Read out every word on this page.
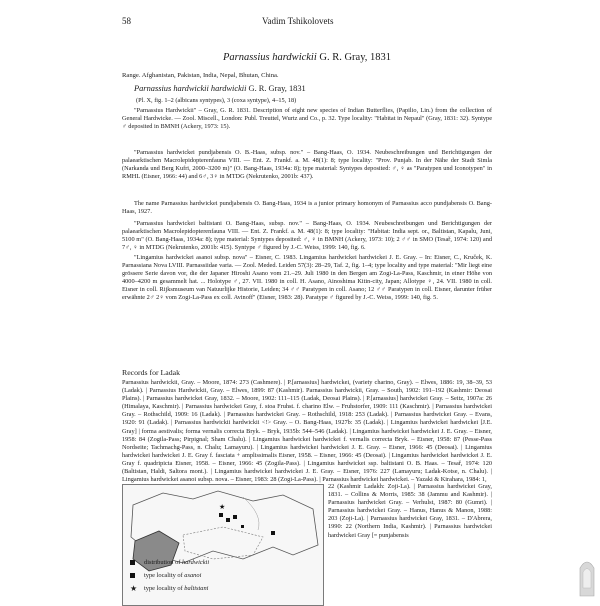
58	Vadim Tshikolovets
Parnassius hardwickii G. R. Gray, 1831

Range. Afghanistan, Pakistan, India, Nepal, Bhutan, China.

Parnassius hardwickii hardwickii G. R. Gray, 1831

(Pl. X, fig. 1–2 (albicans syntypes), 3 (coxa syntype), 4–15, 18)

"Parnassius Hardwickii" – Gray, G. R. 1831. Description of eight new species of Indian Butterflies, (Papilio, Lin.) from the collection of General Hardwicke. — Zool. Miscell., London: Publ. Treuttel, Wurtz and Co., p. 32. Type locality: "Habitat in Nepaul" (Gray, 1831: 32). Syntype ♂ deposited in BMNH (Ackery, 1973: 15).

"Parnassius hardwickei pundjabensis O. B.-Haas, subsp. nov." – Bang-Haas, O. 1934. Neubeschreibungen und Berichtigungen der palaearktischen Macrolepidopterenfauna VIII. — Ent. Z. Frankf. a. M. 48(1): 8; type locality: "Prov. Punjab. In der Nähe der Stadt Simla (Narkanda und Berg Kufri, 2000–3200 m)" (O. Bang-Haas, 1934a: 8); type material: Syntypes deposited: ♂, ♀ as "Paratypen und Iconotypen" in RMHL (Eisner, 1966: 44) and 6♂, 3♀ in MTDG (Nekrutenko, 2001b: 437).

The name Parnassius hardwickei pundjabensis O. Bang-Haas, 1934 is a junior primary homonym of Parnassius acco pundjabensis O. Bang-Haas, 1927.

"Parnassius hardwickei baltistani O. Bang-Haas, subsp. nov." – Bang-Haas, O. 1934. Neubeschreibungen und Berichtigungen der palaearktischen Macrolepidopterenfauna VIII. — Ent. Z. Frankf. a. M. 48(1): 8; type locality: "Habitat: India sept. or., Baltistan, Kapalu, Juni, 5100 m" (O. Bang-Haas, 1934a: 8); type material: Syntypes deposited: ♂, ♀ in BMNH (Ackery, 1973: 10); 2 ♂♂ in SMO (Tesař, 1974: 120) and 7♂, ♀ in MTDG (Nekrutenko, 2001b: 415). Syntype ♂ figured by J.-C. Weiss, 1999: 140, fig. 6.

"Lingamius hardwickei asanoi subsp. nova" – Eisner, C. 1983. Lingamius hardwickei hardwickei J. E. Gray. – In: Eisner, C., Kruček, K. Parnassiana Nova LVIII. Parnassiidae varia. — Zool. Meded. Leiden 57(3): 28–29, Taf. 2, fig. 1–4; type locality and type material: "Mir liegt eine grössere Serie davon vor, die der Japaner Hiroshi Asano vom 21.–29. Juli 1980 in den Bergen am Zogi-La-Pass, Kaschmir, in einer Höhe von 4000–4200 m gesammelt hat. ... Holotype ♂, 27. VII. 1980 in coll. H. Asano, Ainoshima Kitin-city, Japan; Allotype ♀, 24. VII. 1980 in coll. Eisner in coll. Rijksmuseum van Natuurlijke Historie, Leiden; 34 ♂♂ Paratypen in coll. Asano; 12 ♂♂ Paratypen in coll. Eisner, darunter früher erwähnte 2♂ 2♀ vom Zogi-La-Pass ex coll. Avinoff" (Eisner, 1983: 28). Paratype ♂ figured by J.-C. Weiss, 1999: 140, fig. 5.

Records for Ladak

Parnassius hardwickii, Gray. – Moore, 1874: 273 (Cashmere). | P.[arnassius] hardwickei, (variety charino, Gray). – Elwes, 1886: 19, 38–39, 53 (Ladak). | Parnassius Hardwickii, Gray. – Elwes, 1899: 87 (Kashmir). Parnassius hardwickii, Gray. – South, 1902: 191–192 (Kashmir: Deosai Plains). | Parnassius hardwickei Gray, 1832. – Moore, 1902: 111–115 (Ladak, Deosai Plains). | P.[arnassius] hardwickei Gray. – Seitz, 1907a: 26 (Himalaya, Kaschmir). | Parnassius hardwickei Gray, f. stoa Fruhst. f. charino Elw. – Fruhstorfer, 1909: 111 (Kaschmir). | Parnassius hardwickei Gray. – Rothschild, 1909: 16 (Ladak). | Parnassius hardwickei Gray. – Rothschild, 1918: 253 (Ladak). | Parnassius hardwickei Gray. – Evans, 1920: 91 (Ladak). | Parnassius hardwickii hardwickii <!> Gray. – O. Bang-Haas, 1927b: 35 (Ladak). | Lingamius hardwickei hardwickei [J.E. Gray] | forma aestivalis; forma vernalis correcta Bryk. – Bryk, 1935b: 544–546 (Ladak). | Lingamius hardwickei hardwickei J. E. Gray. – Eisner, 1958: 84 (Zogila-Pass; Pirpignal; Sham Chalu). | Lingamius hardwickei hardwickei f. vernalis correcta Bryk. – Eisner, 1958: 87 (Pesse-Pass Nordseite; Tachmachg-Pass, n. Chalu; Lamayuru). | Lingamius hardwickei hardwickei J. E. Gray. – Eisner, 1966: 45 (Deosai). | Lingamius hardwickei hardwickei J. E. Gray f. fasciata + amplissimalis Eisner, 1958. – Eisner, 1966: 45 (Deosai). | Lingamius hardwickei hardwickei J. E. Gray f. quadripicta Eisner, 1958. – Eisner, 1966: 45 (Zogila-Pass). | Lingamius hardwickei ssp. baltistani O. B. Haas. – Tesař, 1974: 120 (Baltistan, Haldi, Saltora mont.). | Lingamius hardwickei hardwickei J. E. Gray. – Eisner, 1976: 227 (Lamayuru; Ladak-Kotse, n. Chalu). | Lingamius hardwickei asanoi subsp. nova. – Eisner, 1983: 28 (Zogi-La-Pass). | Parnassius hardwickei hardwickei. – Yazaki & Kirahara, 1984: 1,

★

22 (Kashmir Ladakh: Zoji-La). | Parnassius hardwickei Gray, 1831. – Collins & Morris, 1985: 38 (Jammu and Kashmir). | Parnassius hardwickei Gray. – Verhulst, 1987: 80 (Gumri). | Parnassius hardwickei Gray. – Hanus, Hanus & Manon, 1988: 203 (Zoji-La). | Parnassius hardwickei Gray, 1831. – D'Abrera, 1990: 22 (Northern India, Kashmir). | Parnassius hardwickei hardwickei Gray [= punjabensis

distribution of hardwickii
type locality of asanoi
★ type locality of baltistani
